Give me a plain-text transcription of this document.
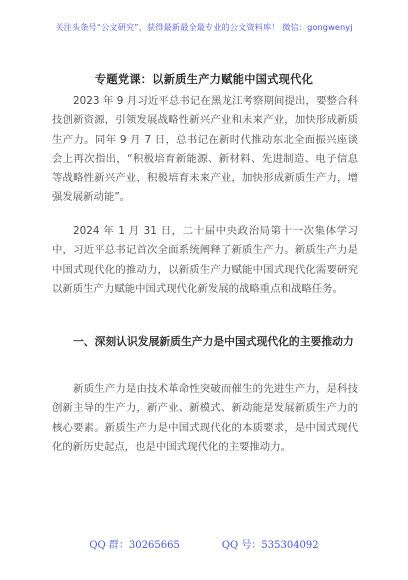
关注头条号“公文研究”，获得最新最全最专业的公文资料库！ 微信：gongwenyj
专题党课：以新质生产力赋能中国式现代化

2023 年 9 月习近平总书记在黑龙江考察期间提出，要整合科技创新资源，引领发展战略性新兴产业和未来产业，加快形成新质生产力。同年 9 月 7 日，总书记在新时代推动东北全面振兴座谈会上再次指出，“积极培育新能源、新材料、先进制造、电子信息等战略性新兴产业，积极培育未来产业，加快形成新质生产力，增强发展新动能”。

2024 年 1 月 31 日，二十届中央政治局第十一次集体学习中，习近平总书记首次全面系统阐释了新质生产力。新质生产力是中国式现代化的推动力，以新质生产力赋能中国式现代化需要研究以新质生产力赋能中国式现代化新发展的战略重点和战略任务。

一、深刻认识发展新质生产力是中国式现代化的主要推动力

新质生产力是由技术革命性突破而催生的先进生产力，是科技创新主导的生产力，新产业、新模式、新动能是发展新质生产力的核心要素。新质生产力是中国式现代化的本质要求，是中国式现代化的新历史起点，也是中国式现代化的主要推动力。

QQ 群：30265665	QQ 号：535304092
